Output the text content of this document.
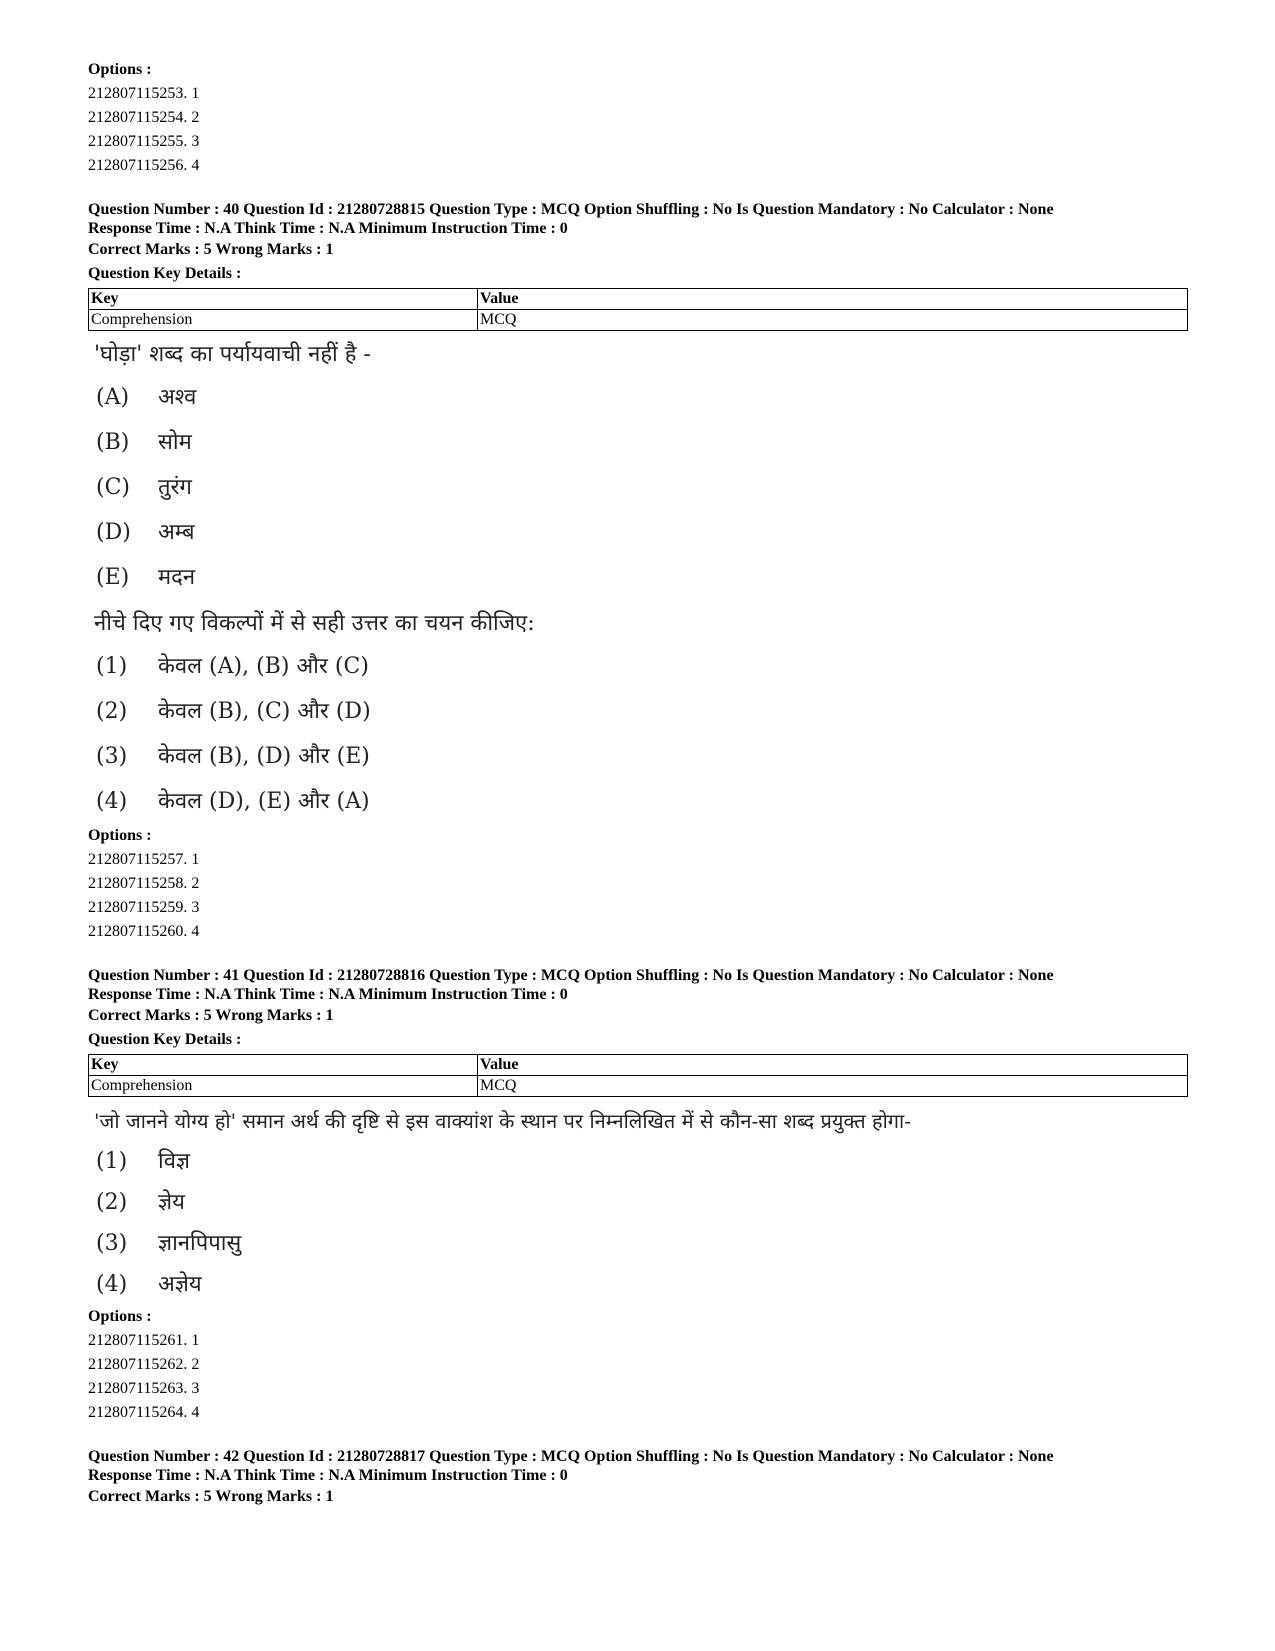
Options :
212807115253. 1
212807115254. 2
212807115255. 3
212807115256. 4
Question Number : 40 Question Id : 21280728815 Question Type : MCQ Option Shuffling : No Is Question Mandatory : No Calculator : None
Response Time : N.A Think Time : N.A Minimum Instruction Time : 0
Correct Marks : 5 Wrong Marks : 1
Question Key Details :
Key	Value
Comprehension	MCQ
'घोड़ा' शब्द का पर्यायवाची नहीं है -
(A) अश्व
(B) सोम
(C) तुरंग
(D) अम्ब
(E) मदन
नीचे दिए गए विकल्पों में से सही उत्तर का चयन कीजिए:
(1) केवल (A), (B) और (C)
(2) केवल (B), (C) और (D)
(3) केवल (B), (D) और (E)
(4) केवल (D), (E) और (A)
Options :
212807115257. 1
212807115258. 2
212807115259. 3
212807115260. 4
Question Number : 41 Question Id : 21280728816 Question Type : MCQ Option Shuffling : No Is Question Mandatory : No Calculator : None
Response Time : N.A Think Time : N.A Minimum Instruction Time : 0
Correct Marks : 5 Wrong Marks : 1
Question Key Details :
Key	Value
Comprehension	MCQ
'जो जानने योग्य हो' समान अर्थ की दृष्टि से इस वाक्यांश के स्थान पर निम्नलिखित में से कौन-सा शब्द प्रयुक्त होगा-
(1) विज्ञ
(2) ज्ञेय
(3) ज्ञानपिपासु
(4) अज्ञेय
Options :
212807115261. 1
212807115262. 2
212807115263. 3
212807115264. 4
Question Number : 42 Question Id : 21280728817 Question Type : MCQ Option Shuffling : No Is Question Mandatory : No Calculator : None
Response Time : N.A Think Time : N.A Minimum Instruction Time : 0
Correct Marks : 5 Wrong Marks : 1
